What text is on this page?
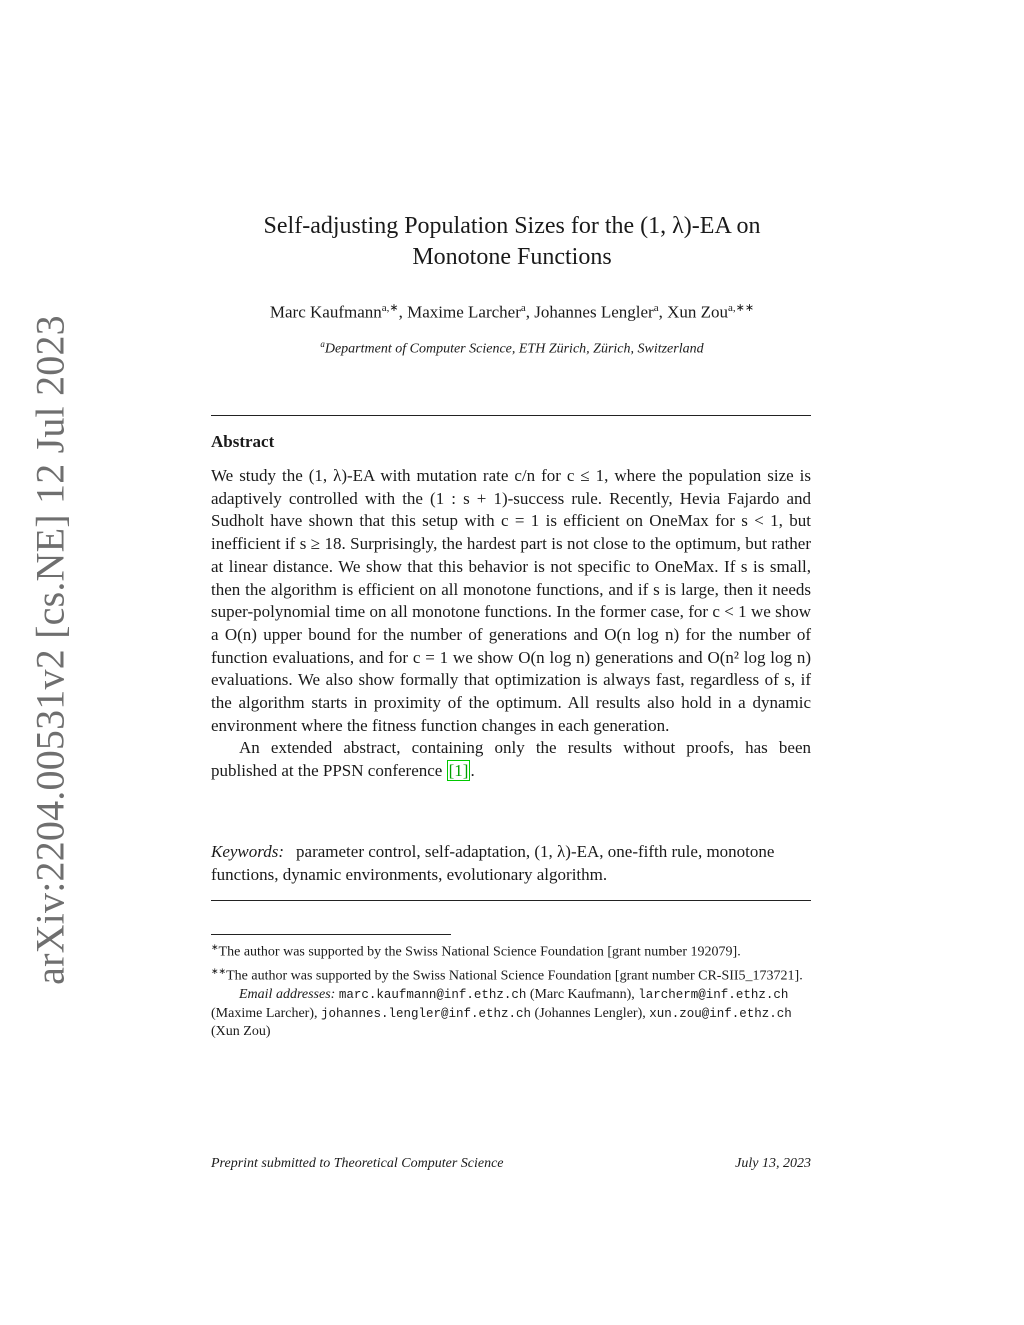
arXiv:2204.00531v2 [cs.NE] 12 Jul 2023
Self-adjusting Population Sizes for the (1, λ)-EA on
Monotone Functions
Marc Kaufmann$^{a,∗}$, Maxime Larcher$^a$, Johannes Lengler$^a$, Xun Zou$^{a,∗∗}$
$^a$Department of Computer Science, ETH Zürich, Zürich, Switzerland
Abstract

We study the (1, λ)-EA with mutation rate c/n for c ≤ 1, where the population size is adaptively controlled with the (1 : s + 1)-success rule. Recently, Hevia Fajardo and Sudholt have shown that this setup with c = 1 is efficient on OneMax for s < 1, but inefficient if s ≥ 18. Surprisingly, the hardest part is not close to the optimum, but rather at linear distance. We show that this behavior is not specific to OneMax. If s is small, then the algorithm is efficient on all monotone functions, and if s is large, then it needs super-polynomial time on all monotone functions. In the former case, for c < 1 we show a O(n) upper bound for the number of generations and O(n log n) for the number of function evaluations, and for c = 1 we show O(n log n) generations and O(n² log log n) evaluations. We also show formally that optimization is always fast, regardless of s, if the algorithm starts in proximity of the optimum. All results also hold in a dynamic environment where the fitness function changes in each generation.

An extended abstract, containing only the results without proofs, has been published at the PPSN conference [1] .

Keywords: parameter control, self-adaptation, (1, λ)-EA, one-fifth rule, monotone functions, dynamic environments, evolutionary algorithm.

∗The author was supported by the Swiss National Science Foundation [grant number 192079].

∗∗The author was supported by the Swiss National Science Foundation [grant number CR-SII5_173721].

Email addresses: marc.kaufmann@inf.ethz.ch (Marc Kaufmann), larcherm@inf.ethz.ch (Maxime Larcher), johannes.lengler@inf.ethz.ch (Johannes Lengler), xun.zou@inf.ethz.ch (Xun Zou)

Preprint submitted to Theoretical Computer Science	July 13, 2023
